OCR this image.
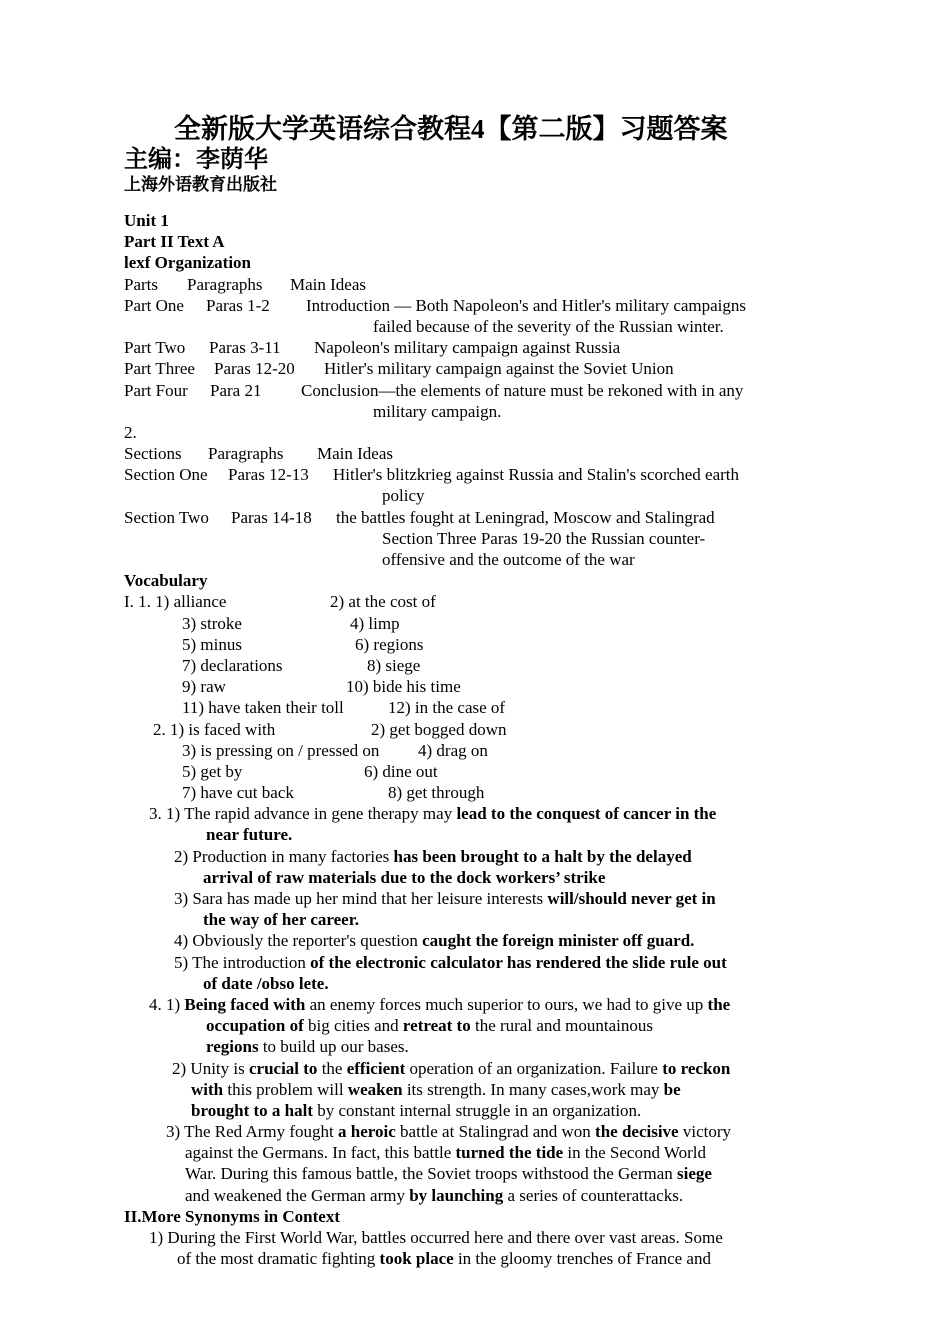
全新版大学英语综合教程4【第二版】习题答案
主编：李荫华
上海外语教育出版社
Unit 1
Part II Text A
lexf Organization
Parts Paragraphs Main Ideas
Part One Paras 1-2 Introduction — Both Napoleon's and Hitler's military campaigns
failed because of the severity of the Russian winter.
Part Two Paras 3-11 Napoleon's military campaign against Russia
Part Three Paras 12-20 Hitler's military campaign against the Soviet Union
Part Four Para 21 Conclusion—the elements of nature must be rekoned with in any
military campaign.
2.
Sections Paragraphs Main Ideas
Section One Paras 12-13 Hitler's blitzkrieg against Russia and Stalin's scorched earth
policy
Section Two Paras 14-18 the battles fought at Leningrad, Moscow and Stalingrad
Section Three Paras 19-20 the Russian counter-
offensive and the outcome of the war
Vocabulary
I. 1. 1) alliance	2) at the cost of
3) stroke	4) limp
5) minus	6) regions
7) declarations	8) siege
9) raw	10) bide his time
11) have taken their toll	12) in the case of
2. 1) is faced with	2) get bogged down
3) is pressing on / pressed on 4) drag on
5) get by	6) dine out
7) have cut back	8) get through
3. 1) The rapid advance in gene therapy may lead to the conquest of cancer in the
near future.
2) Production in many factories has been brought to a halt by the delayed
arrival of raw materials due to the dock workers’ strike
3) Sara has made up her mind that her leisure interests will/should never get in
the way of her career.
4) Obviously the reporter's question caught the foreign minister off guard.
5) The introduction of the electronic calculator has rendered the slide rule out
of date /obso lete.
4. 1) Being faced with an enemy forces much superior to ours, we had to give up the
occupation of big cities and retreat to the rural and mountainous
regions to build up our bases.
2) Unity is crucial to the efficient operation of an organization. Failure to reckon
with this problem will weaken its strength. In many cases,work may be
brought to a halt by constant internal struggle in an organization.
3) The Red Army fought a heroic battle at Stalingrad and won the decisive victory
against the Germans. In fact, this battle turned the tide in the Second World
War. During this famous battle, the Soviet troops withstood the German siege
and weakened the German army by launching a series of counterattacks.
II.More Synonyms in Context
1) During the First World War, battles occurred here and there over vast areas. Some
of the most dramatic fighting took place in the gloomy trenches of France and
